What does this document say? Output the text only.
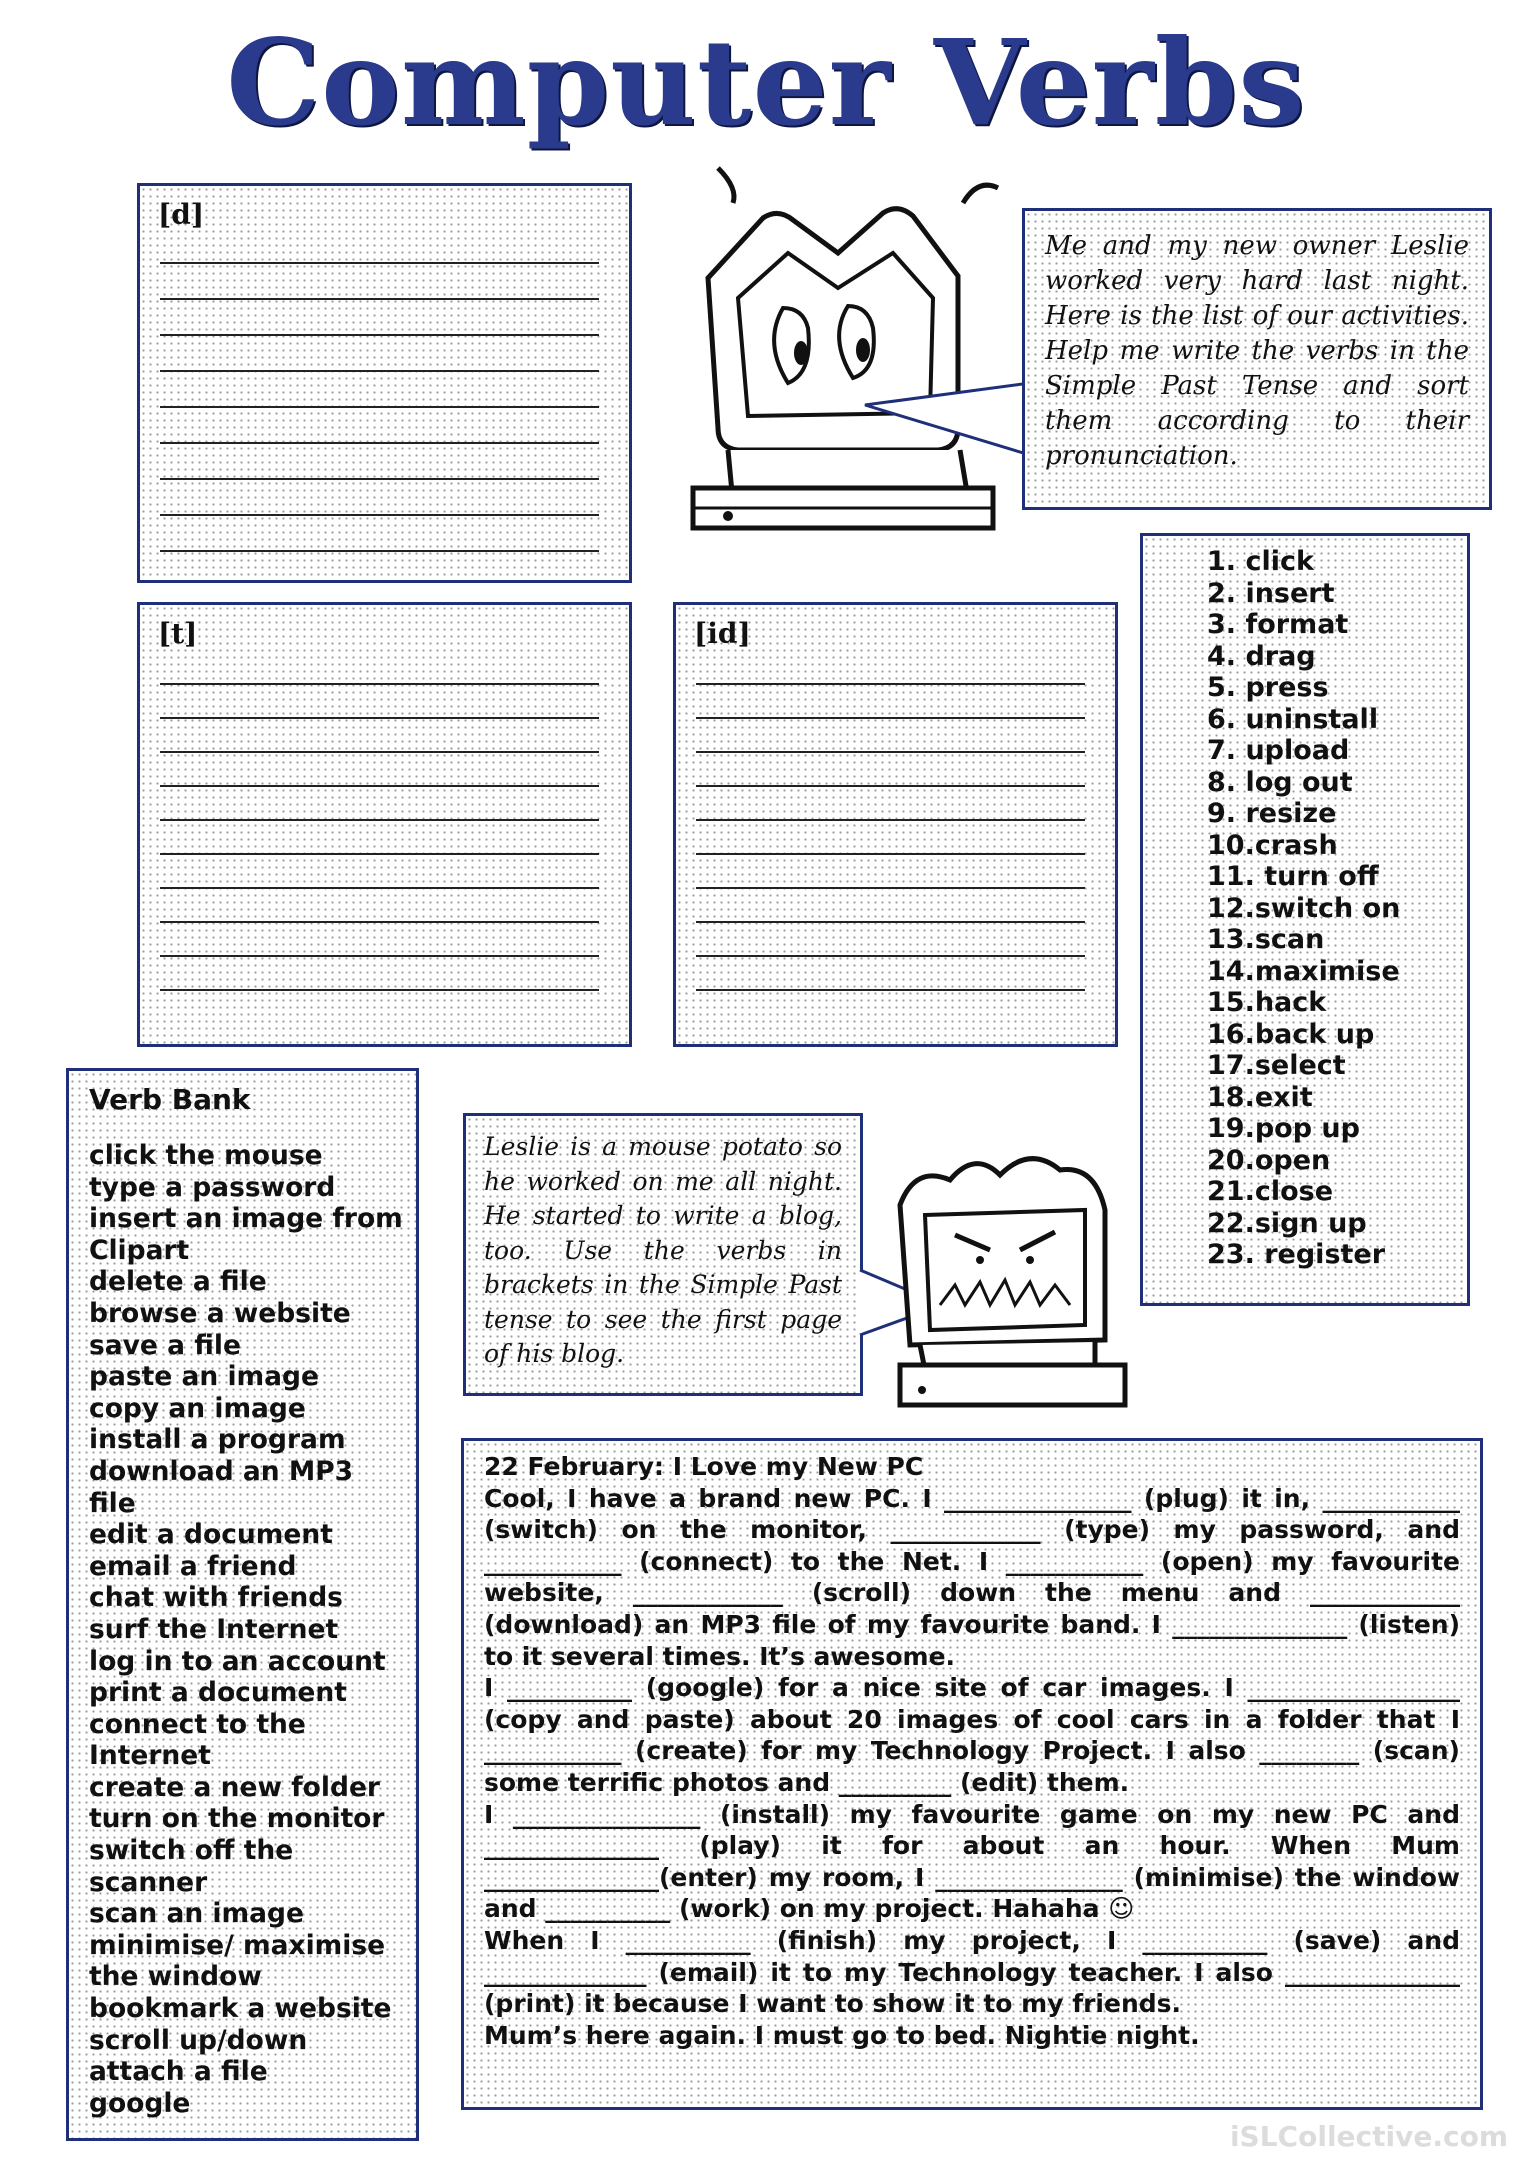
Computer Verbs
[d]
Me and my new owner Leslie worked very hard last night. Here is the list of our activities. Help me write the verbs in the Simple Past Tense and sort them according to their pronunciation.
[t]	[id]
1. click
2. insert
3. format
4. drag
5. press
6. uninstall
7. upload
8. log out
9. resize
10.crash
11. turn off
12.switch on
13.scan
14.maximise
15.hack
16.back up
17.select
18.exit
19.pop up
20.open
21.close
22.sign up
23. register
Verb Bank
click the mouse
type a password
insert an image from
Clipart
delete a file
browse a website
save a file
paste an image
copy an image
install a program
download an MP3
file
edit a document
email a friend
chat with friends
surf the Internet
log in to an account
print a document
connect to the
Internet
create a new folder
turn on the monitor
switch off the
scanner
scan an image
minimise/ maximise
the window
bookmark a website
scroll up/down
attach a file
google
Leslie is a mouse potato so he worked on me all night. He started to write a blog, too. Use the verbs in brackets in the Simple Past tense to see the first page of his blog.

22 February: I Love my New PC

Cool, I have a brand new PC. I _______________ (plug) it in, ___________ (switch) on the monitor, ____________ (type) my password, and ___________ (connect) to the Net. I ___________ (open) my favourite website, ____________ (scroll) down the menu and ____________ (download) an MP3 file of my favourite band. I ______________ (listen) to it several times. It’s awesome.

I __________ (google) for a nice site of car images. I _________________ (copy and paste) about 20 images of cool cars in a folder that I ___________ (create) for my Technology Project. I also ________ (scan) some terrific photos and _________ (edit) them.

I _______________ (install) my favourite game on my new PC and ______________ (play) it for about an hour. When Mum ______________(enter) my room, I _______________ (minimise) the window and __________ (work) on my project. Hahaha ☺

When I __________ (finish) my project, I __________ (save) and _____________ (email) it to my Technology teacher. I also ______________ (print) it because I want to show it to my friends.

Mum’s here again. I must go to bed. Nightie night.

iSLCollective.com
